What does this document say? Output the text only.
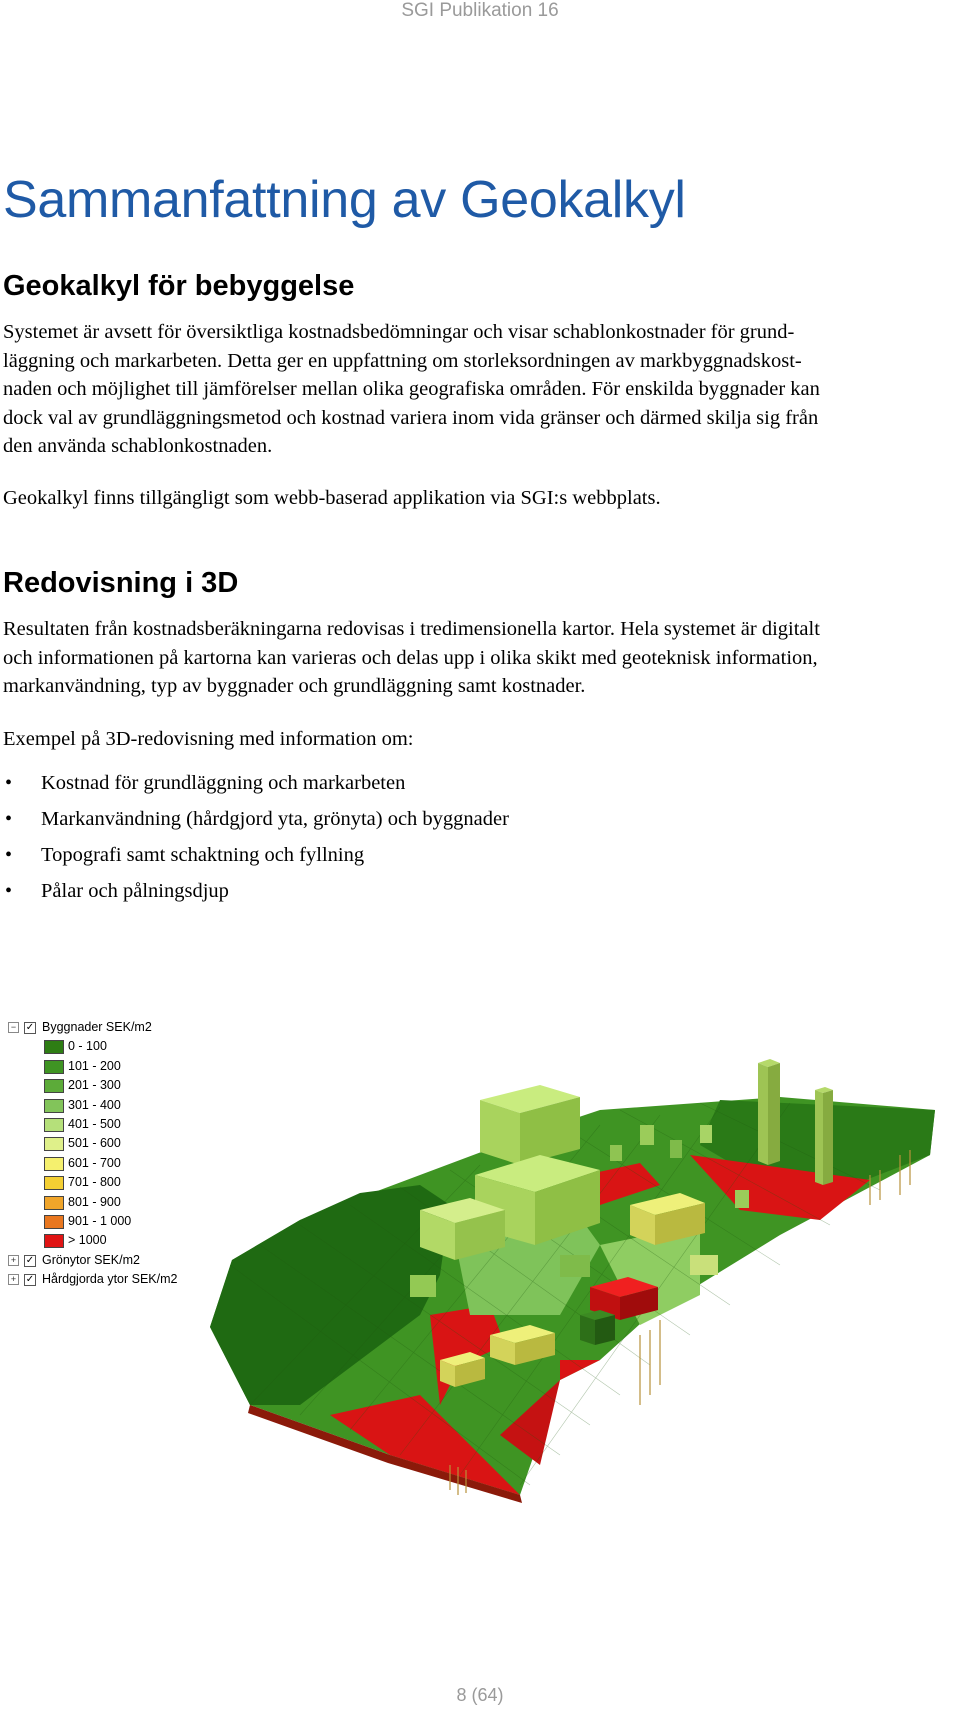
SGI Publikation 16
Sammanfattning av Geokalkyl
Geokalkyl för bebyggelse
Systemet är avsett för översiktliga kostnadsbedömningar och visar schablonkostnader för grund-
läggning och markarbeten. Detta ger en uppfattning om storleksordningen av markbyggnadskost-
naden och möjlighet till jämförelser mellan olika geografiska områden. För enskilda byggnader kan
dock val av grundläggningsmetod och kostnad variera inom vida gränser och därmed skilja sig från
den använda schablonkostnaden.
Geokalkyl finns tillgängligt som webb-baserad applikation via SGI:s webbplats.
Redovisning i 3D
Resultaten från kostnadsberäkningarna redovisas i tredimensionella kartor. Hela systemet är digitalt
och informationen på kartorna kan varieras och delas upp i olika skikt med geoteknisk information,
markanvändning, typ av byggnader och grundläggning samt kostnader.
Exempel på 3D-redovisning med information om:
• Kostnad för grundläggning och markarbeten
• Markanvändning (hårdgjord yta, grönyta) och byggnader
• Topografi samt schaktning och fyllning
• Pålar och pålningsdjup
− ✓ Byggnader SEK/m2
0 - 100
101 - 200
201 - 300
301 - 400
401 - 500
501 - 600
601 - 700
701 - 800
801 - 900
901 - 1 000
> 1000
+ ✓ Grönytor SEK/m2
+ ✓ Hårdgjorda ytor SEK/m2
8 (64)
